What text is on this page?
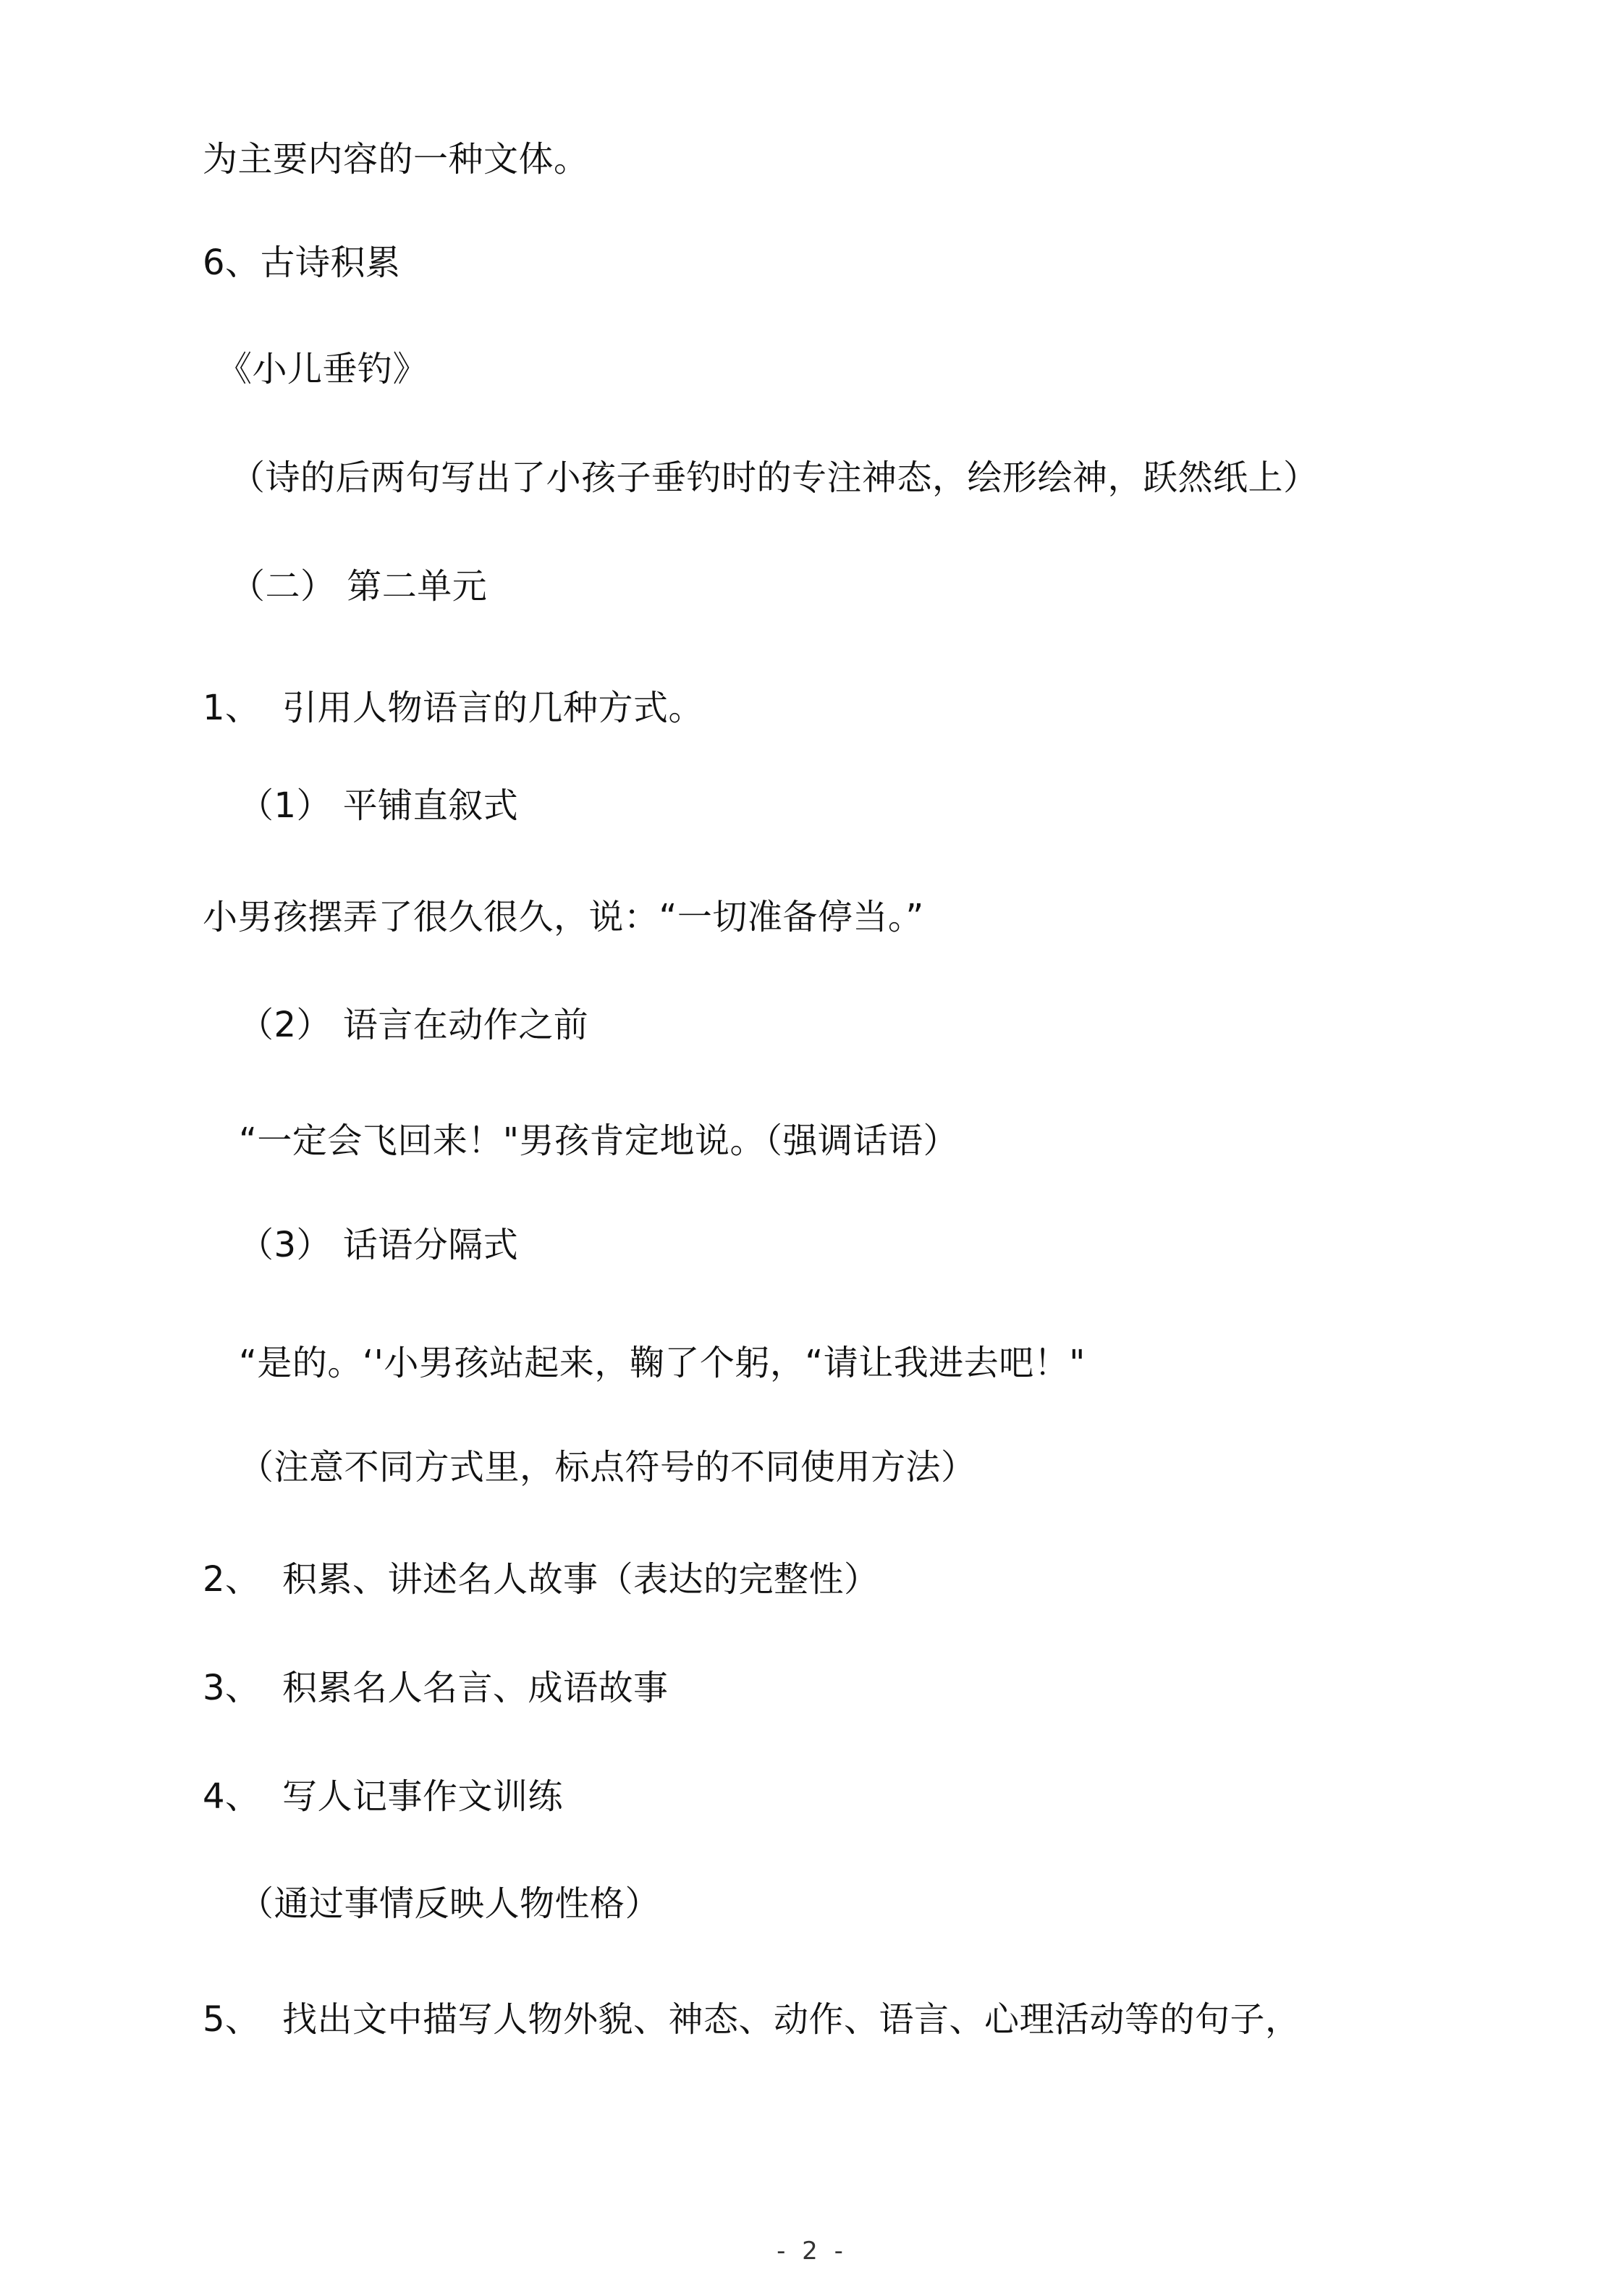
为主要内容的一种文体。
6、古诗积累
《小儿垂钓》
（诗的后两句写出了小孩子垂钓时的专注神态，绘形绘神，跃然纸上）
（二） 第二单元
1、 引用人物语言的几种方式。
（1） 平铺直叙式
小男孩摆弄了很久很久，说：“一切准备停当。”
（2） 语言在动作之前
“一定会飞回来！"男孩肯定地说。（强调话语）
（3） 话语分隔式
“是的。‘'小男孩站起来，鞠了个躬，“请让我进去吧！"
（注意不同方式里，标点符号的不同使用方法）
2、 积累、讲述名人故事（表达的完整性）
3、 积累名人名言、成语故事
4、 写人记事作文训练
（通过事情反映人物性格）
5、 找出文中描写人物外貌、神态、动作、语言、心理活动等的句子，
- 2 -
